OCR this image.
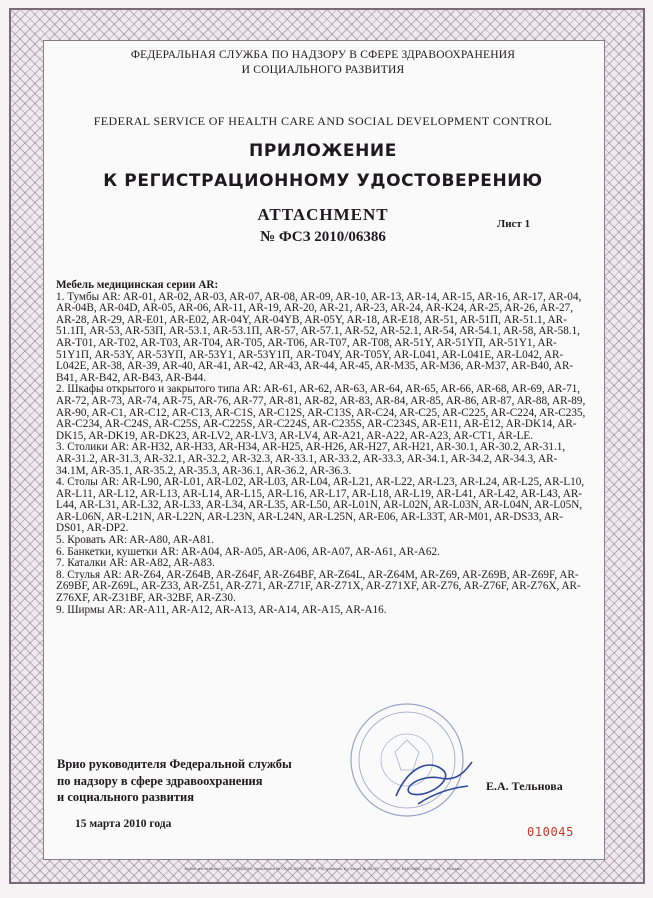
ФЕДЕРАЛЬНАЯ СЛУЖБА ПО НАДЗОРУ В СФЕРЕ ЗДРАВООХРАНЕНИЯ
И СОЦИАЛЬНОГО РАЗВИТИЯ
FEDERAL SERVICE OF HEALTH CARE AND SOCIAL DEVELOPMENT CONTROL
ПРИЛОЖЕНИЕ
К РЕГИСТРАЦИОННОМУ УДОСТОВЕРЕНИЮ
ATTACHMENT
№ ФСЗ 2010/06386
Лист 1
Мебель медицинская серии AR:
1. Тумбы AR: AR-01, AR-02, AR-03, AR-07, AR-08, AR-09, AR-10, AR-13, AR-14, AR-15, AR-16, AR-17, AR-04, AR-04B, AR-04D, AR-05, AR-06, AR-11, AR-19, AR-20, AR-21, AR-23, AR-24, AR-K24, AR-25, AR-26, AR-27, AR-28, AR-29, AR-E01, AR-E02, AR-04Y, AR-04YB, AR-05Y, AR-18, AR-E18, AR-51, AR-51П, AR-51.1, AR-51.1П, AR-53, AR-53П, AR-53.1, AR-53.1П, AR-57, AR-57.1, AR-52, AR-52.1, AR-54, AR-54.1, AR-58, AR-58.1, AR-T01, AR-T02, AR-T03, AR-T04, AR-T05, AR-T06, AR-T07, AR-T08, AR-51Y, AR-51YП, AR-51Y1, AR-51Y1П, AR-53Y, AR-53YП, AR-53Y1, AR-53Y1П, AR-T04Y, AR-T05Y, AR-L041, AR-L041E, AR-L042, AR-L042E, AR-38, AR-39, AR-40, AR-41, AR-42, AR-43, AR-44, AR-45, AR-M35, AR-M36, AR-M37, AR-B40, AR-B41, AR-B42, AR-B43, AR-B44.
2. Шкафы открытого и закрытого типа AR: AR-61, AR-62, AR-63, AR-64, AR-65, AR-66, AR-68, AR-69, AR-71, AR-72, AR-73, AR-74, AR-75, AR-76, AR-77, AR-81, AR-82, AR-83, AR-84, AR-85, AR-86, AR-87, AR-88, AR-89, AR-90, AR-C1, AR-C12, AR-C13, AR-C1S, AR-C12S, AR-C13S, AR-C24, AR-C25, AR-C225, AR-C224, AR-C235, AR-C234, AR-C24S, AR-C25S, AR-C225S, AR-C224S, AR-C235S, AR-C234S, AR-E11, AR-E12, AR-DK14, AR-DK15, AR-DK19, AR-DK23, AR-LV2, AR-LV3, AR-LV4, AR-A21, AR-A22, AR-A23, AR-CT1, AR-LE.
3. Столики AR: AR-H32, AR-H33, AR-H34, AR-H25, AR-H26, AR-H27, AR-H21, AR-30.1, AR-30.2, AR-31.1, AR-31.2, AR-31.3, AR-32.1, AR-32.2, AR-32.3, AR-33.1, AR-33.2, AR-33.3, AR-34.1, AR-34.2, AR-34.3, AR-34.1M, AR-35.1, AR-35.2, AR-35.3, AR-36.1, AR-36.2, AR-36.3.
4. Столы AR: AR-L90, AR-L01, AR-L02, AR-L03, AR-L04, AR-L21, AR-L22, AR-L23, AR-L24, AR-L25, AR-L10, AR-L11, AR-L12, AR-L13, AR-L14, AR-L15, AR-L16, AR-L17, AR-L18, AR-L19, AR-L41, AR-L42, AR-L43, AR-L44, AR-L31, AR-L32, AR-L33, AR-L34, AR-L35, AR-L50, AR-L01N, AR-L02N, AR-L03N, AR-L04N, AR-L05N, AR-L06N, AR-L21N, AR-L22N, AR-L23N, AR-L24N, AR-L25N, AR-E06, AR-L33T, AR-M01, AR-DS33, AR-DS01, AR-DP2.
5. Кровать AR: AR-A80, AR-A81.
6. Банкетки, кушетки AR: AR-A04, AR-A05, AR-A06, AR-A07, AR-A61, AR-A62.
7. Каталки AR: AR-A82, AR-A83.
8. Стулья AR: AR-Z64, AR-Z64B, AR-Z64F, AR-Z64BF, AR-Z64L, AR-Z64M, AR-Z69, AR-Z69B, AR-Z69F, AR-Z69BF, AR-Z69L, AR-Z33, AR-Z51, AR-Z71, AR-Z71F, AR-Z71X, AR-Z71XF, AR-Z76, AR-Z76F, AR-Z76X, AR-Z76XF, AR-Z31BF, AR-32BF, AR-Z30.
9. Ширмы AR: AR-A11, AR-A12, AR-A13, AR-A14, AR-A15, AR-A16.
Врио руководителя Федеральной службы
по надзору в сфере здравоохранения
и социального развития
15 марта 2010 года
Е.А. Тельнова
010045
Бланк изготовлен ЗАО «ОПЦИОН» (лицензия № 05-05-09/003 ФНС РФ, уровень Б), заказ № 08/43, тел. (495) 648-9088, 2009 год, г. Москва
